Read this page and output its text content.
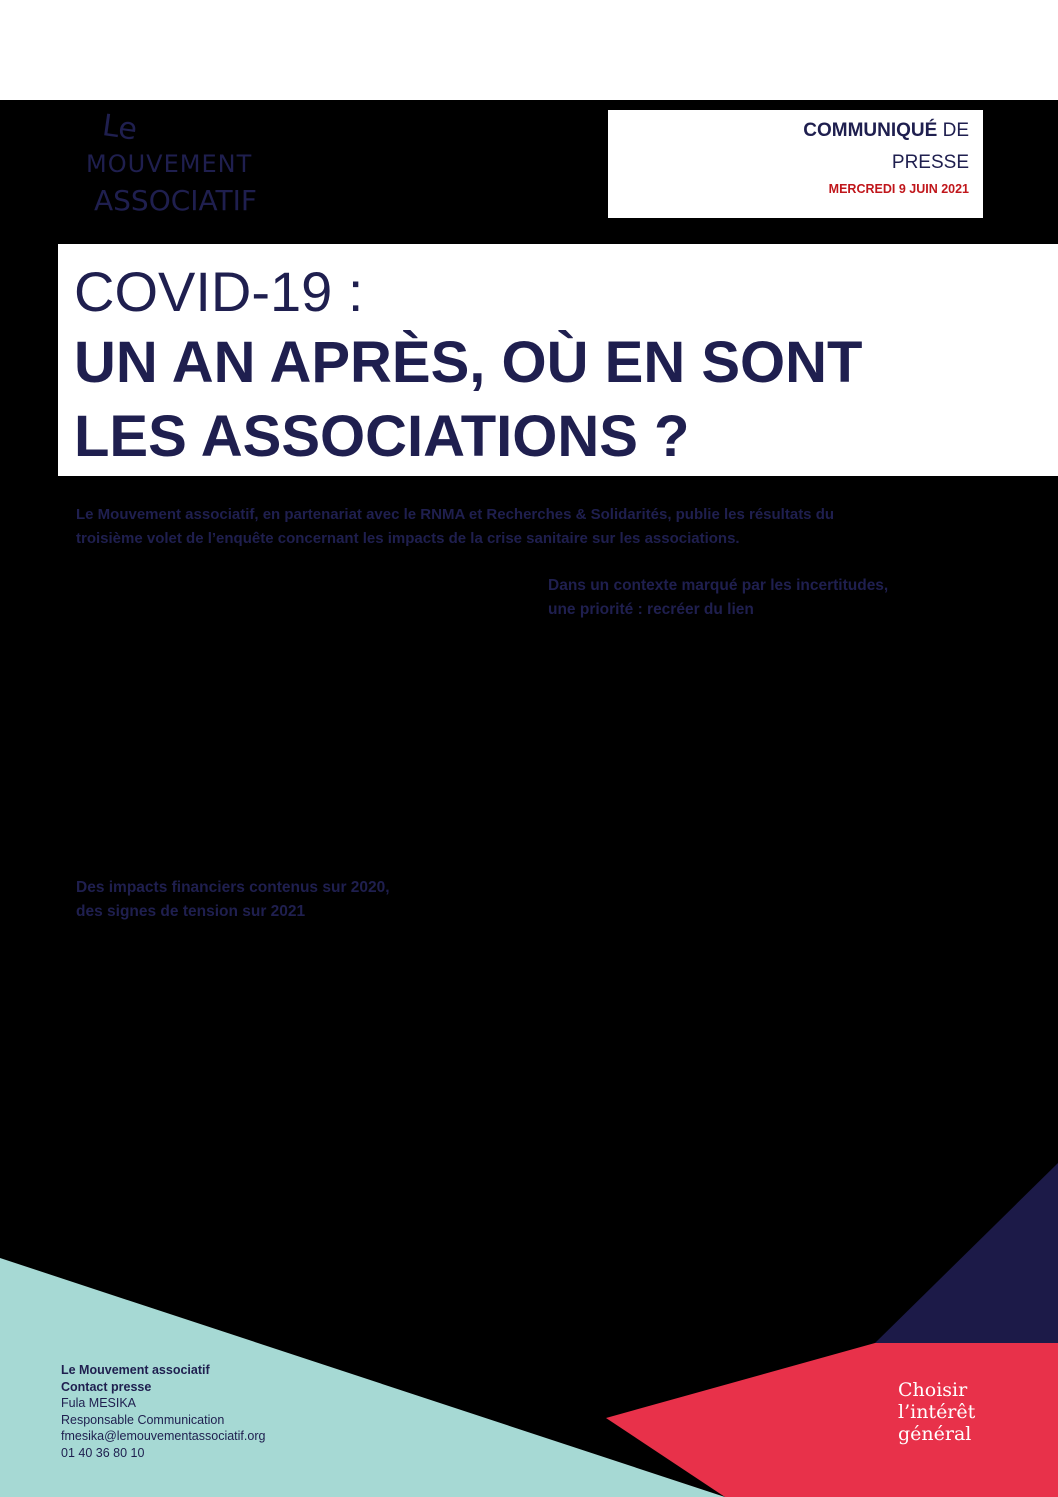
Le
MOUVEMENT
ASSOCIATIF
COMMUNIQUÉ DE
PRESSE
MERCREDI 9 JUIN 2021
COVID-19 :
UN AN APRÈS, OÙ EN SONT
LES ASSOCIATIONS ?
Le Mouvement associatif, en partenariat avec le RNMA et Recherches & Solidarités, publie les résultats du
troisième volet de l’enquête concernant les impacts de la crise sanitaire sur les associations.
Dans un contexte marqué par les incertitudes,
une priorité : recréer du lien
Des impacts financiers contenus sur 2020,
des signes de tension sur 2021
Le Mouvement associatif
Contact presse
Fula MESIKA
Responsable Communication
fmesika@lemouvementassociatif.org
01 40 36 80 10
Choisir
l’intérêt
général
